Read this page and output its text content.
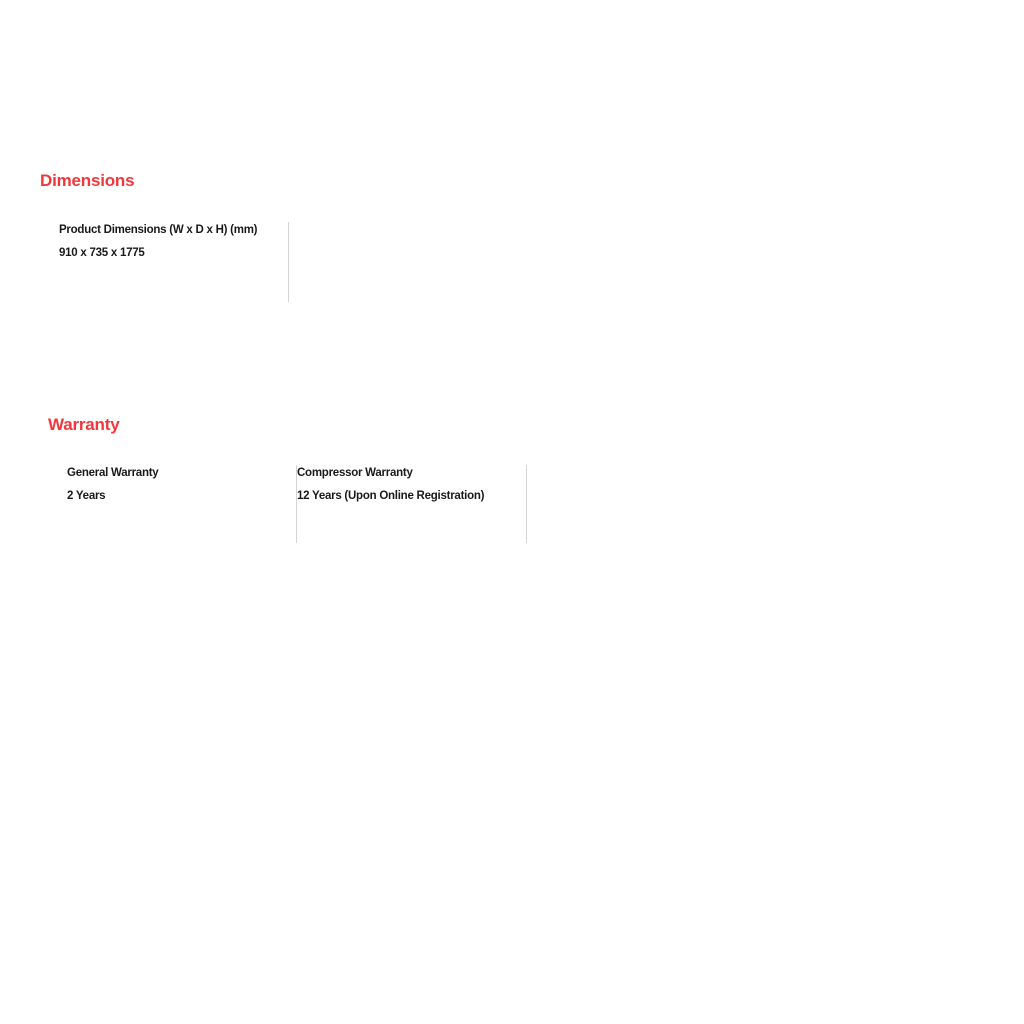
Dimensions

Product Dimensions (W x D x H) (mm)

910 x 735 x 1775

Warranty

General Warranty

2 Years

Compressor Warranty

12 Years (Upon Online Registration)
